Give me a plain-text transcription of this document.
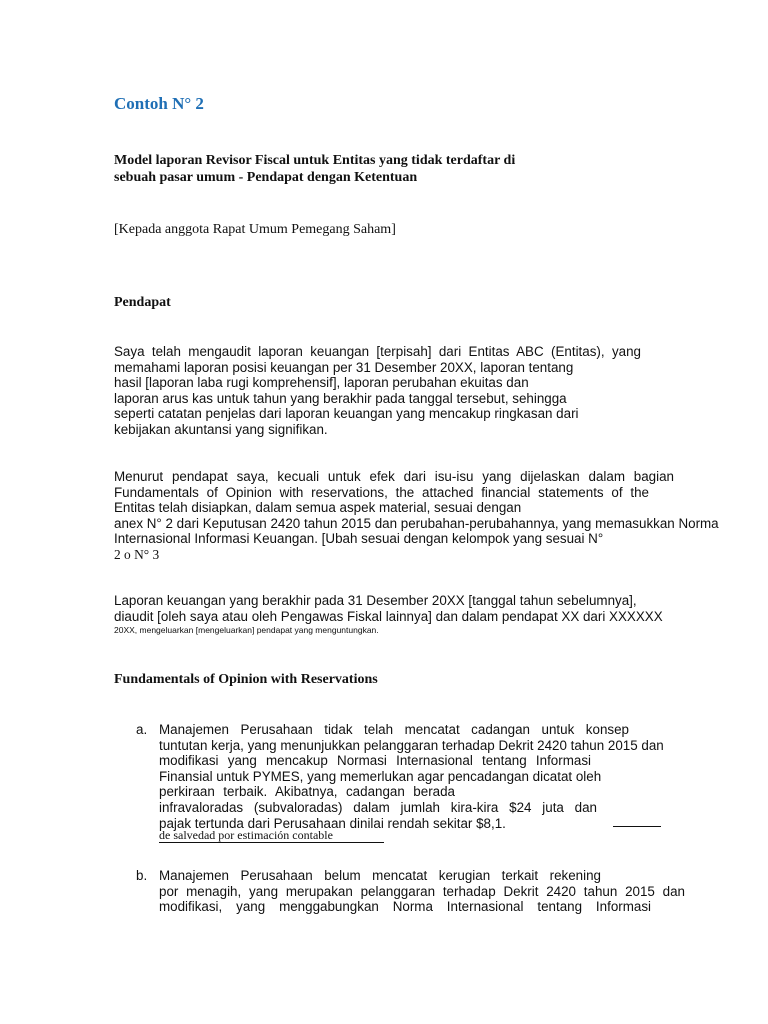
Contoh N° 2
Model laporan Revisor Fiscal untuk Entitas yang tidak terdaftar di
sebuah pasar umum - Pendapat dengan Ketentuan
[Kepada anggota Rapat Umum Pemegang Saham]
Pendapat
Saya telah mengaudit laporan keuangan [terpisah] dari Entitas ABC (Entitas), yang
memahami laporan posisi keuangan per 31 Desember 20XX, laporan tentang
hasil [laporan laba rugi komprehensif], laporan perubahan ekuitas dan
laporan arus kas untuk tahun yang berakhir pada tanggal tersebut, sehingga
seperti catatan penjelas dari laporan keuangan yang mencakup ringkasan dari
kebijakan akuntansi yang signifikan.
Menurut pendapat saya, kecuali untuk efek dari isu-isu yang dijelaskan dalam bagian
Fundamentals of Opinion with reservations, the attached financial statements of the
Entitas telah disiapkan, dalam semua aspek material, sesuai dengan
anex N° 2 dari Keputusan 2420 tahun 2015 dan perubahan-perubahannya, yang memasukkan Norma
Internasional Informasi Keuangan. [Ubah sesuai dengan kelompok yang sesuai N°
2 o N° 3
Laporan keuangan yang berakhir pada 31 Desember 20XX [tanggal tahun sebelumnya],
diaudit [oleh saya atau oleh Pengawas Fiskal lainnya] dan dalam pendapat XX dari XXXXXX
20XX, mengeluarkan [mengeluarkan] pendapat yang menguntungkan.
Fundamentals of Opinion with Reservations
a. Manajemen Perusahaan tidak telah mencatat cadangan untuk konsep
tuntutan kerja, yang menunjukkan pelanggaran terhadap Dekrit 2420 tahun 2015 dan
modifikasi yang mencakup Normasi Internasional tentang Informasi
Finansial untuk PYMES, yang memerlukan agar pencadangan dicatat oleh
perkiraan terbaik. Akibatnya, cadangan berada
infravaloradas (subvaloradas) dalam jumlah kira-kira $24 juta dan
pajak tertunda dari Perusahaan dinilai rendah sekitar $8,1.
de salvedad por estimación contable
b. Manajemen Perusahaan belum mencatat kerugian terkait rekening
por menagih, yang merupakan pelanggaran terhadap Dekrit 2420 tahun 2015 dan
modifikasi, yang menggabungkan Norma Internasional tentang Informasi
